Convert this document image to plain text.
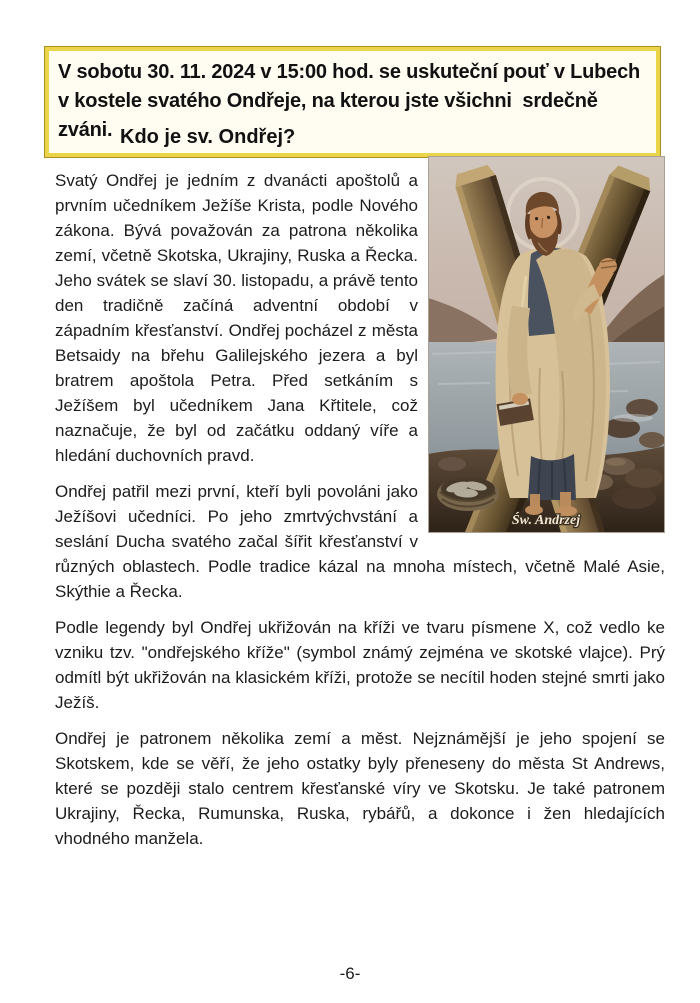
V sobotu 30. 11. 2024 v 15:00 hod. se uskuteční pouť v Lubech
v kostele svatého Ondřeje, na kterou jste všichni  srdečně zváni. Kdo je sv. Ondřej?
Św. Andrzej

Svatý Ondřej je jedním z dvanácti apoštolů a prvním učedníkem Ježíše Krista, podle Nového zákona. Bývá považován za patrona několika zemí, včetně Skotska, Ukrajiny, Ruska a Řecka. Jeho svátek se slaví 30. listopadu, a právě tento den tradičně začíná adventní období v západním křesťanství. Ondřej pocházel z města Betsaidy na břehu Galilejského jezera a byl bratrem apoštola Petra. Před setkáním s Ježíšem byl učedníkem Jana Křtitele, což naznačuje, že byl od začátku oddaný víře a hledání duchovních pravd.

Ondřej patřil mezi první, kteří byli povoláni jako Ježíšovi učedníci. Po jeho zmrtvýchvstání a seslání Ducha svatého začal šířit křesťanství v různých oblastech. Podle tradice kázal na mnoha místech, včetně Malé Asie, Skýthie a Řecka.

Podle legendy byl Ondřej ukřižován na kříži ve tvaru písmene X, což vedlo ke vzniku tzv. "ondřejského kříže" (symbol známý zejména ve skotské vlajce). Prý odmítl být ukřižován na klasickém kříži, protože se necítil hoden stejné smrti jako Ježíš.

Ondřej je patronem několika zemí a měst. Nejznámější je jeho spojení se Skotskem, kde se věří, že jeho ostatky byly přeneseny do města St Andrews, které se později stalo centrem křesťanské víry ve Skotsku. Je také patronem Ukrajiny, Řecka, Rumunska, Ruska, rybářů, a dokonce i žen hledajících vhodného manžela.

-6-
